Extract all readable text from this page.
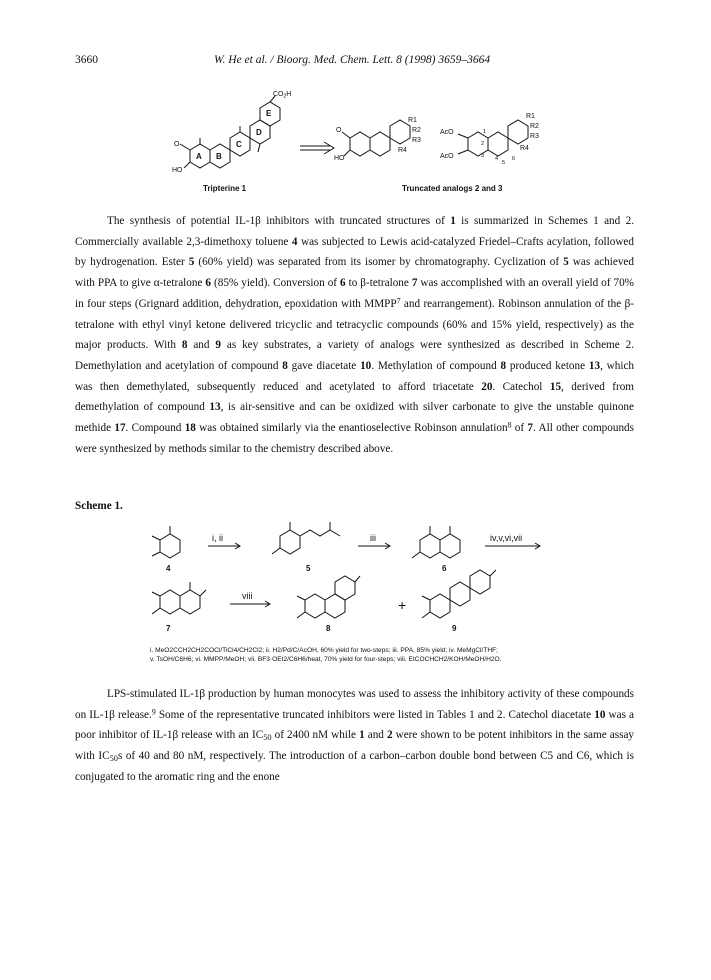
3660	W. He et al. / Bioorg. Med. Chem. Lett. 8 (1998) 3659–3664
$CO_2H$
O
HO
R1
R2
R3
R4
O
HO
R1
R2
R3
R4
AcO
AcO
1
2
3 4
5
6
A B
C
D
E
Tripterine 1	Truncated analogs 2 and 3

The synthesis of potential IL-1β inhibitors with truncated structures of 1 is summarized in Schemes 1 and 2. Commercially available 2,3-dimethoxy toluene 4 was subjected to Lewis acid-catalyzed Friedel–Crafts acylation, followed by hydrogenation. Ester 5 (60% yield) was separated from its isomer by chromatography. Cyclization of 5 was achieved with PPA to give α-tetralone 6 (85% yield). Conversion of 6 to β-tetralone 7 was accomplished with an overall yield of 70% in four steps (Grignard addition, dehydration, epoxidation with MMPP$^7$ and rearrangement). Robinson annulation of the β-tetralone with ethyl vinyl ketone delivered tricyclic and tetracyclic compounds (60% and 15% yield, respectively) as the major products. With 8 and 9 as key substrates, a variety of analogs were synthesized as described in Scheme 2. Demethylation and acetylation of compound 8 gave diacetate 10. Methylation of compound 8 produced ketone 13, which was then demethylated, subsequently reduced and acetylated to afford triacetate 20. Catechol 15, derived from demethylation of compound 13, is air-sensitive and can be oxidized with silver carbonate to give the unstable quinone methide 17. Compound 18 was obtained similarly via the enantioselective Robinson annulation$^8$ of 7. All other compounds were synthesized by methods similar to the chemistry described above.

Scheme 1.
i, ii	iii	iv,v,vi,vii
viii
+
4	5	6
7	8	9
i. MeO2CCH2CH2COCl/TiCl4/CH2Cl2; ii. H2/Pd/C/AcOH, 60% yield for two-steps; iii. PPA, 85% yield; iv. MeMgCl/THF;
v. TsOH/C6H6; vi. MMPP/MeOH; vii. BF3·OEt2/C6H6/heat, 70% yield for four-steps; viii. EtCOCHCH2/KOH/MeOH/H2O.

LPS-stimulated IL-1β production by human monocytes was used to assess the inhibitory activity of these compounds on IL-1β release.$^9$ Some of the representative truncated inhibitors were listed in Tables 1 and 2. Catechol diacetate 10 was a poor inhibitor of IL-1β release with an $IC_{50}$ of 2400 nM while 1 and 2 were shown to be potent inhibitors in the same assay with $IC_{50}s$ of 40 and 80 nM, respectively. The introduction of a carbon–carbon double bond between C5 and C6, which is conjugated to the aromatic ring and the enone
